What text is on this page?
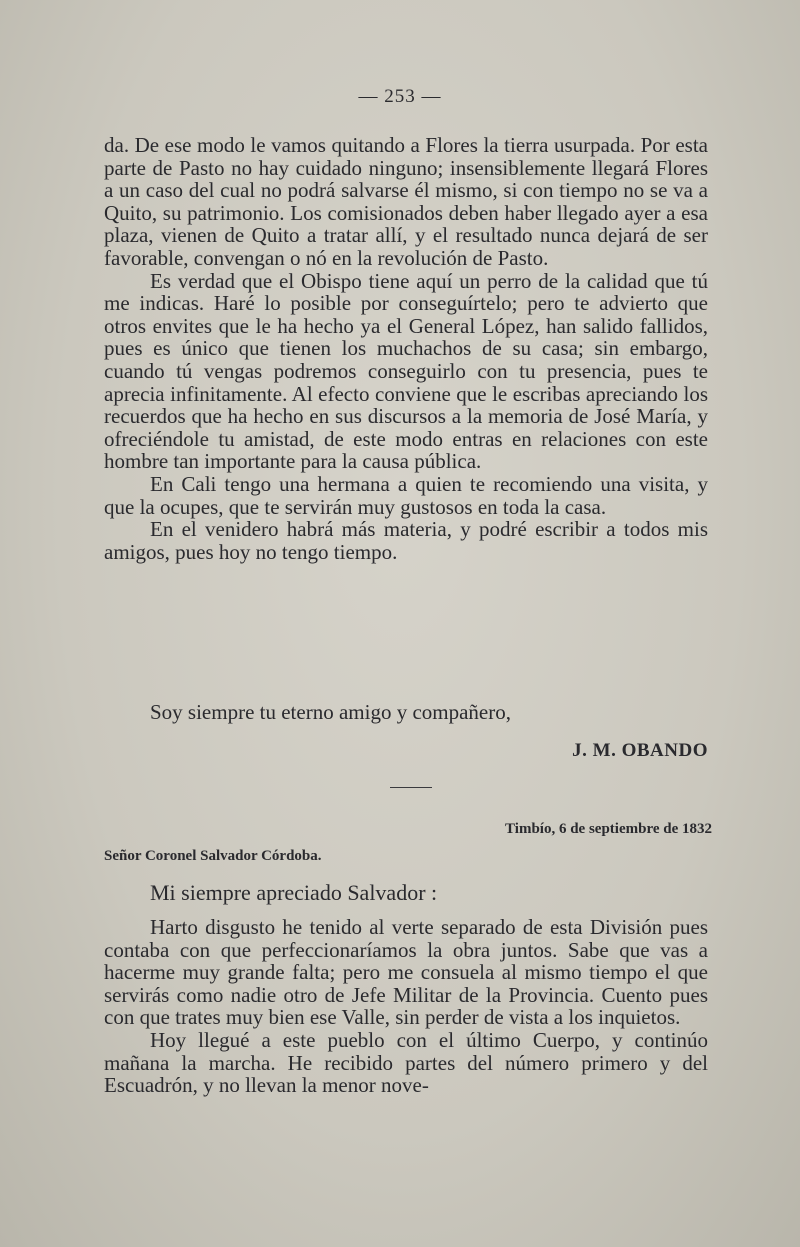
— 253 —

da. De ese modo le vamos quitando a Flores la tierra usurpada. Por esta parte de Pasto no hay cuidado ninguno; insensiblemente llegará Flores a un caso del cual no podrá salvarse él mismo, si con tiempo no se va a Quito, su patrimonio. Los comisionados deben haber llegado ayer a esa plaza, vienen de Quito a tratar allí, y el resultado nunca dejará de ser favorable, convengan o nó en la revolución de Pasto.

Es verdad que el Obispo tiene aquí un perro de la calidad que tú me indicas. Haré lo posible por conseguírtelo; pero te advierto que otros envites que le ha hecho ya el General López, han salido fallidos, pues es único que tienen los muchachos de su casa; sin embargo, cuando tú vengas podremos conseguirlo con tu presencia, pues te aprecia infinitamente. Al efecto conviene que le escribas apreciando los recuerdos que ha hecho en sus discursos a la memoria de José María, y ofreciéndole tu amistad, de este modo entras en relaciones con este hombre tan importante para la causa pública.

En Cali tengo una hermana a quien te recomiendo una visita, y que la ocupes, que te servirán muy gustosos en toda la casa.

En el venidero habrá más materia, y podré escribir a todos mis amigos, pues hoy no tengo tiempo.

Soy siempre tu eterno amigo y compañero,
J. M. OBANDO
Timbío, 6 de septiembre de 1832
Señor Coronel Salvador Córdoba.
Mi siempre apreciado Salvador :

Harto disgusto he tenido al verte separado de esta División pues contaba con que perfeccionaríamos la obra juntos. Sabe que vas a hacerme muy grande falta; pero me consuela al mismo tiempo el que servirás como nadie otro de Jefe Militar de la Provincia. Cuento pues con que trates muy bien ese Valle, sin perder de vista a los inquietos.

Hoy llegué a este pueblo con el último Cuerpo, y continúo mañana la marcha. He recibido partes del número primero y del Escuadrón, y no llevan la menor nove-
